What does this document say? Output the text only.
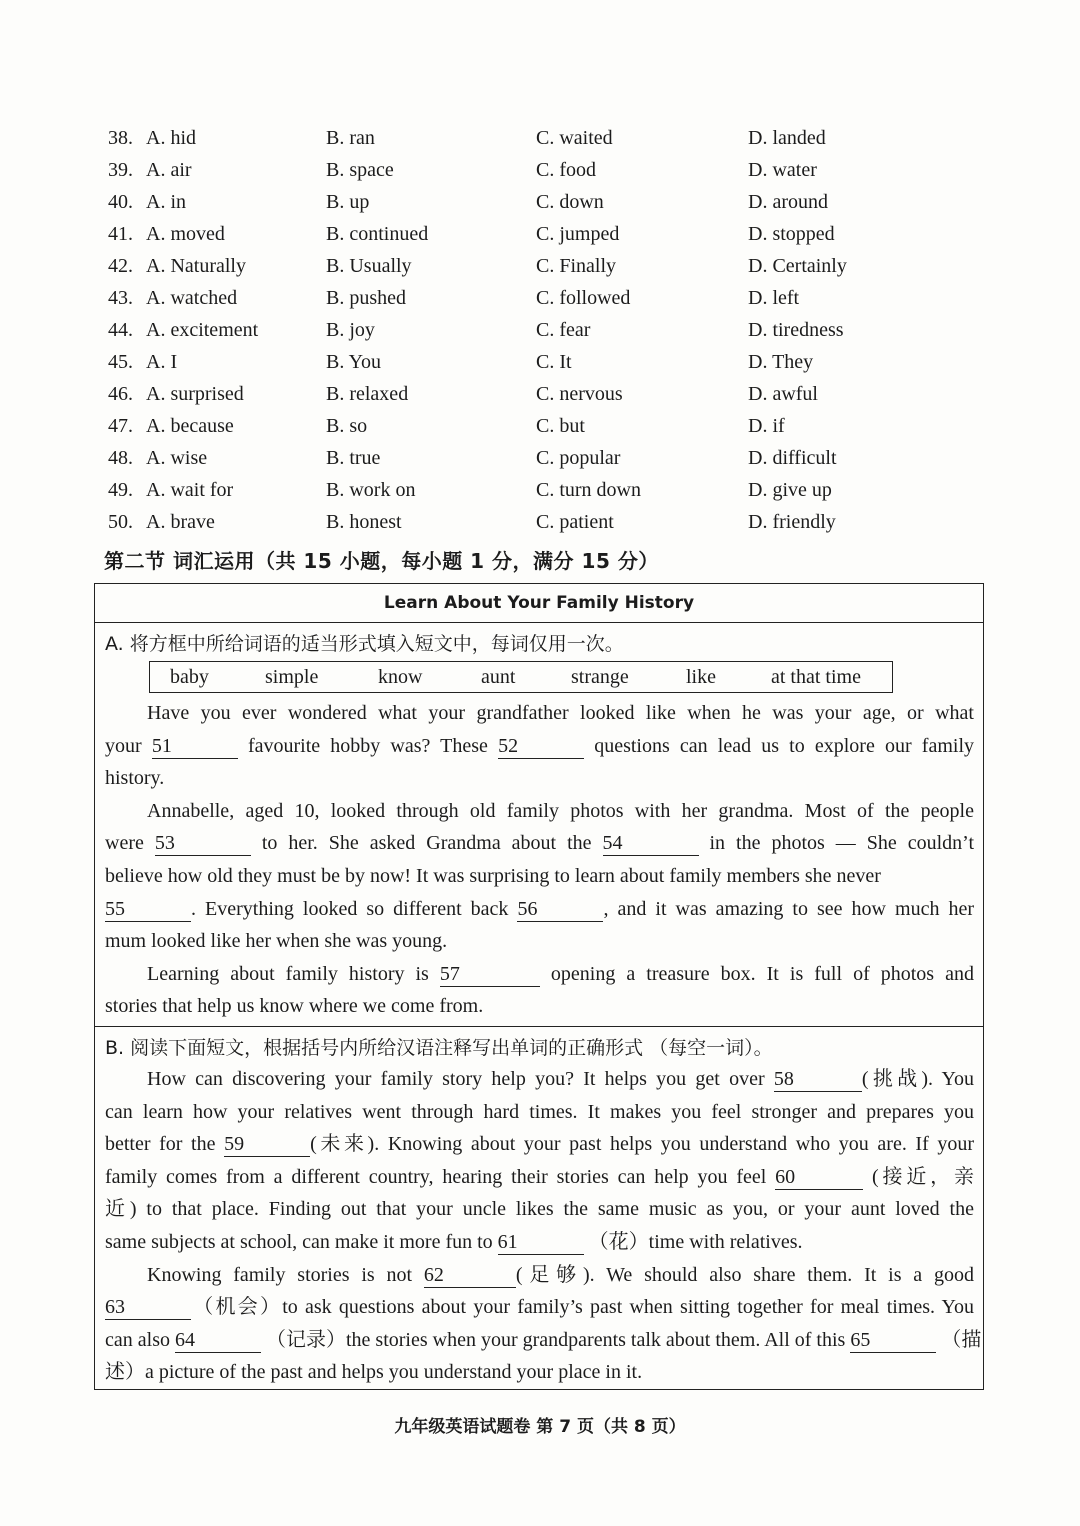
38. A. hid	B. ran	C. waited	D. landed
39. A. air	B. space	C. food	D. water
40. A. in	B. up	C. down	D. around
41. A. moved	B. continued	C. jumped	D. stopped
42. A. Naturally	B. Usually	C. Finally	D. Certainly
43. A. watched	B. pushed	C. followed	D. left
44. A. excitement	B. joy	C. fear	D. tiredness
45. A. I	B. You	C. It	D. They
46. A. surprised	B. relaxed	C. nervous	D. awful
47. A. because	B. so	C. but	D. if
48. A. wise	B. true	C. popular	D. difficult
49. A. wait for	B. work on	C. turn down	D. give up
50. A. brave	B. honest	C. patient	D. friendly
第二节 词汇运用（共 15 小题，每小题 1 分，满分 15 分）
Learn About Your Family History
A. 将方框中所给词语的适当形式填入短文中，每词仅用一次。
baby	simple	know	aunt	strange	like	at that time
Have you ever wondered what your grandfather looked like when he was your age, or what
your 51	favourite hobby was? These 52	questions can lead us to explore our family
history.
Annabelle, aged 10, looked through old family photos with her grandma. Most of the people
were 53	to her. She asked Grandma about the 54	in the photos — She couldn’t
believe how old they must be by now! It was surprising to learn about family members she never
55	. Everything looked so different back 56	, and it was amazing to see how much her
mum looked like her when she was young.
Learning about family history is 57	opening a treasure box. It is full of photos and
stories that help us know where we come from.
B. 阅读下面短文，根据括号内所给汉语注释写出单词的正确形式 （每空一词）。
How can discovering your family story help you? It helps you get over 58	(挑战). You
can learn how your relatives went through hard times. It makes you feel stronger and prepares you
better for the 59	(未来). Knowing about your past helps you understand who you are. If your
family comes from a different country, hearing their stories can help you feel 60	(接近，亲
近) to that place. Finding out that your uncle likes the same music as you, or your aunt loved the
same subjects at school, can make it more fun to 61	（花）time with relatives.
Knowing family stories is not 62	(足够). We should also share them. It is a good
63	（机会）to ask questions about your family’s past when sitting together for meal times. You
can also 64	（记录）the stories when your grandparents talk about them. All of this 65	（描
述）a picture of the past and helps you understand your place in it.
九年级英语试题卷 第 7 页（共 8 页）
